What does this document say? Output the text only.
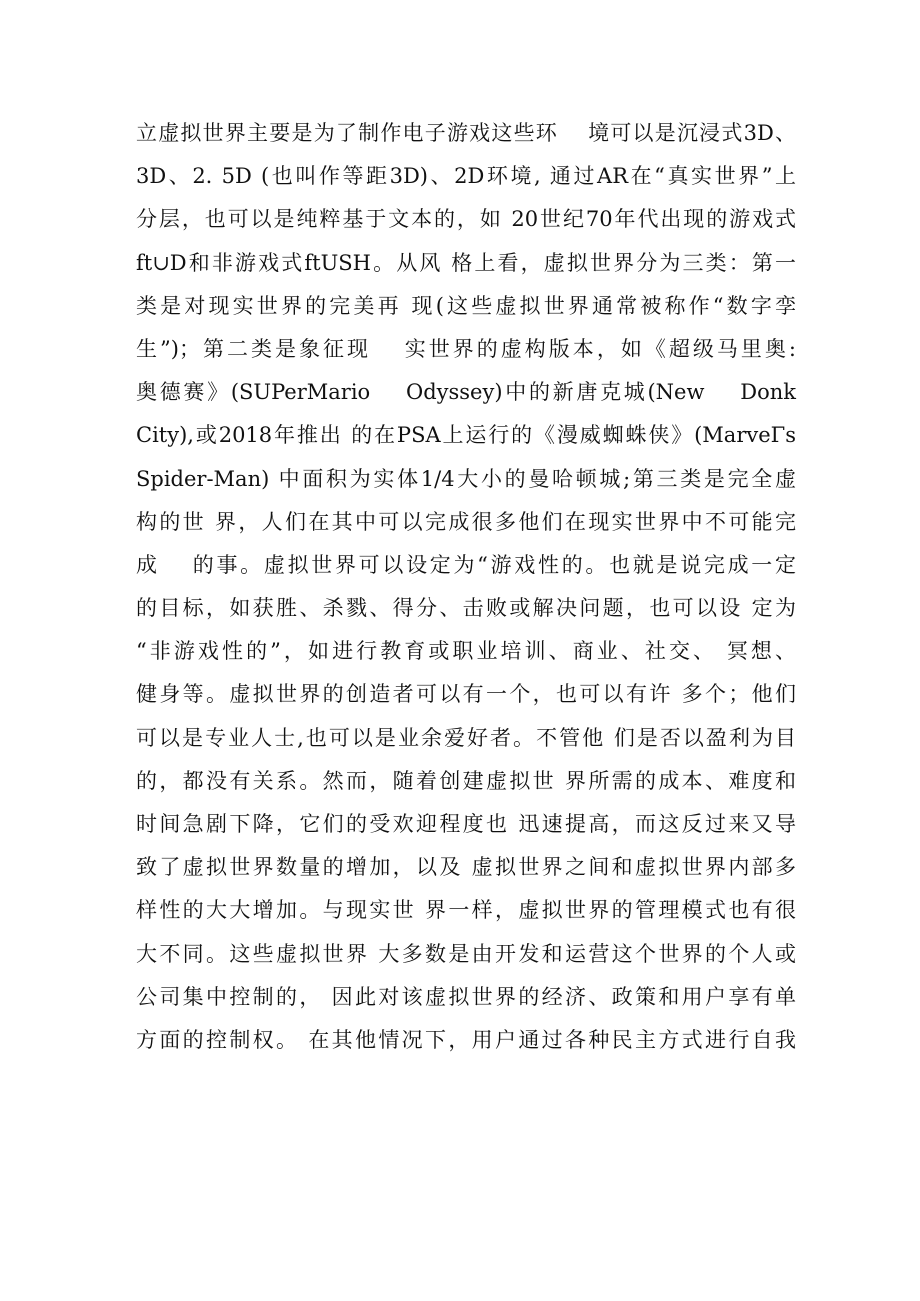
立虚拟世界主要是为了制作电子游戏这些环　 境可以是沉浸式3D、
3D、2. 5D (也叫作等距3D)、2D环境, 通过AR在“真实世界”上
分层，也可以是纯粹基于文本的，如 20世纪70年代出现的游戏式
ft∪D和非游戏式ftUSH。从风 格上看，虚拟世界分为三类：第一
类是对现实世界的完美再 现(这些虚拟世界通常被称作“数字孪
生”)；第二类是象征现　 实世界的虚构版本，如《超级马里奥:
奥德赛》(SUPerMario　 Odyssey)中的新唐克城(New　 Donk
City),或2018年推出 的在PSA上运行的《漫威蜘蛛侠》(MarveΓs
Spider-Man) 中面积为实体1/4大小的曼哈顿城;第三类是完全虚
构的世 界，人们在其中可以完成很多他们在现实世界中不可能完
成　 的事。虚拟世界可以设定为“游戏性的。也就是说完成一定
的目标，如获胜、杀戮、得分、击败或解决问题，也可以设 定为
“非游戏性的”，如进行教育或职业培训、商业、社交、 冥想、
健身等。虚拟世界的创造者可以有一个，也可以有许 多个；他们
可以是专业人士,也可以是业余爱好者。不管他 们是否以盈利为目
的，都没有关系。然而，随着创建虚拟世 界所需的成本、难度和
时间急剧下降，它们的受欢迎程度也 迅速提高，而这反过来又导
致了虚拟世界数量的增加，以及 虚拟世界之间和虚拟世界内部多
样性的大大增加。与现实世 界一样，虚拟世界的管理模式也有很
大不同。这些虚拟世界 大多数是由开发和运营这个世界的个人或
公司集中控制的， 因此对该虚拟世界的经济、政策和用户享有单
方面的控制权。 在其他情况下，用户通过各种民主方式进行自我
